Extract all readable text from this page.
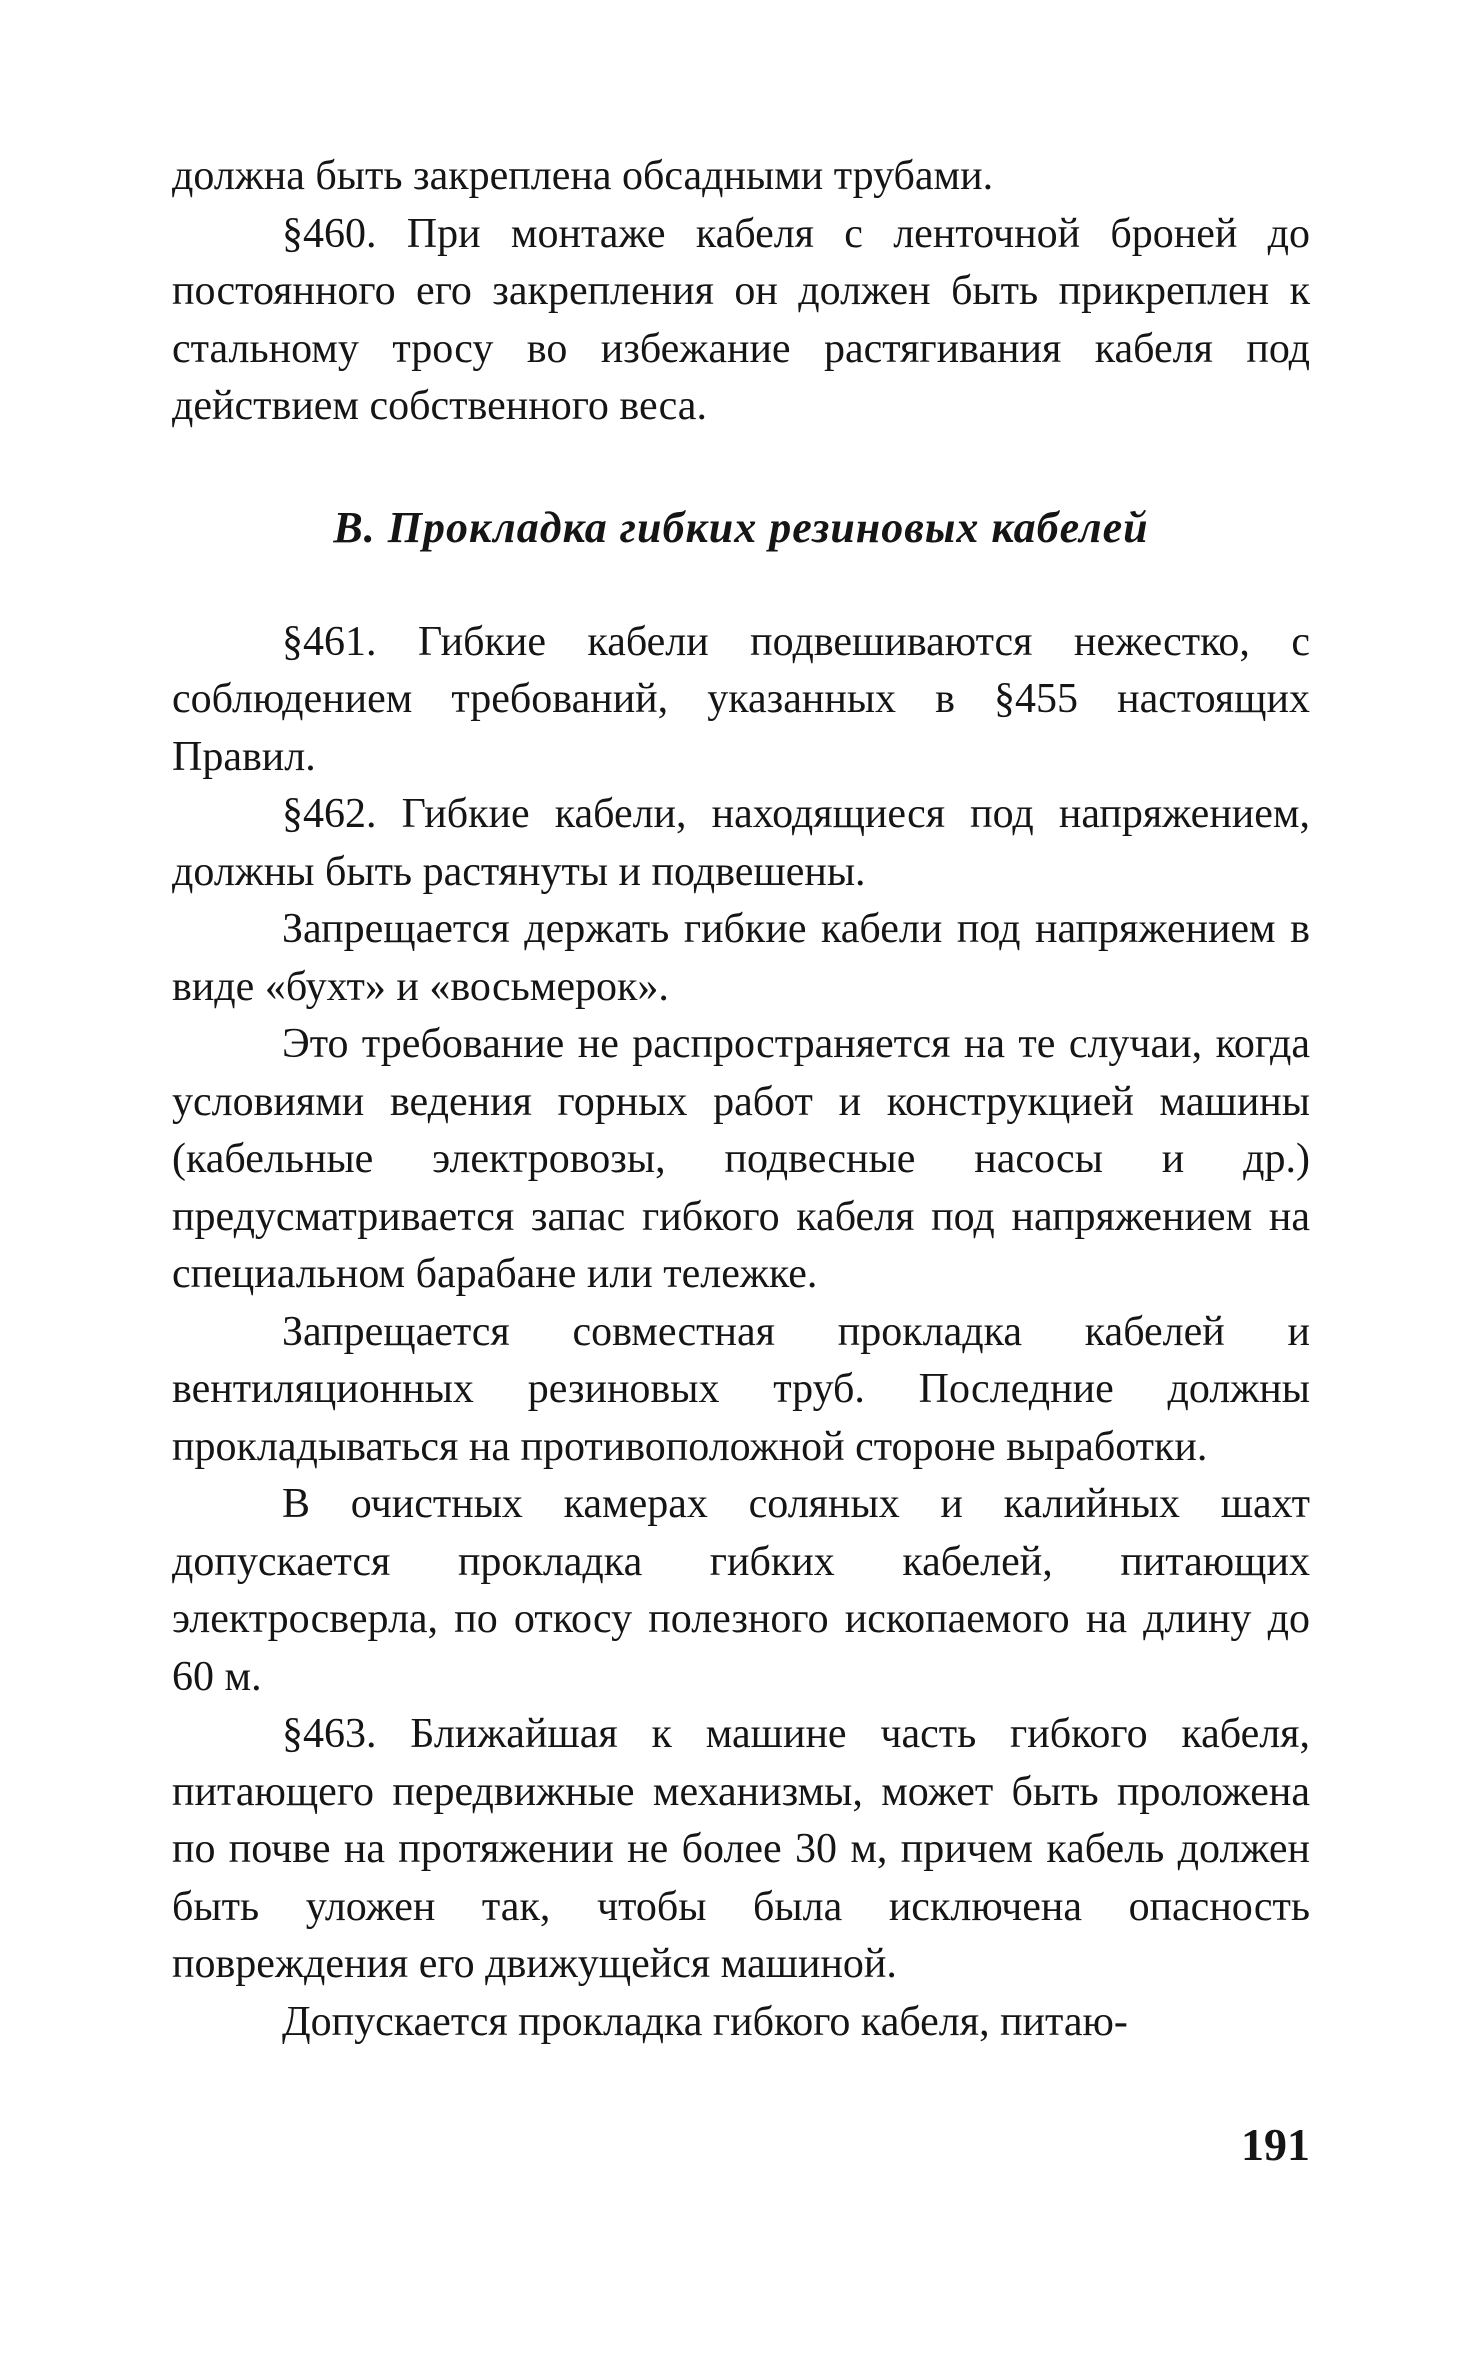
должна быть закреплена обсадными трубами.

§460. При монтаже кабеля с ленточной броней до постоянного его закрепления он должен быть прикреплен к стальному тросу во избежание растягивания кабеля под действием собственного веса.

В. Прокладка гибких резиновых кабелей

§461. Гибкие кабели подвешиваются нежестко, с соблюдением требований, указанных в §455 настоящих Правил.

§462. Гибкие кабели, находящиеся под напряжением, должны быть растянуты и подвешены.

Запрещается держать гибкие кабели под напряжением в виде «бухт» и «восьмерок».

Это требование не распространяется на те случаи, когда условиями ведения горных работ и конструкцией машины (кабельные электровозы, подвесные насосы и др.) предусматривается запас гибкого кабеля под напряжением на специальном барабане или тележке.

Запрещается совместная прокладка кабелей и вентиляционных резиновых труб. Последние должны прокладываться на противоположной стороне выработки.

В очистных камерах соляных и калийных шахт допускается прокладка гибких кабелей, питающих электросверла, по откосу полезного ископаемого на длину до 60 м.

§463. Ближайшая к машине часть гибкого кабеля, питающего передвижные механизмы, может быть проложена по почве на протяжении не более 30 м, причем кабель должен быть уложен так, чтобы была исключена опасность повреждения его движущейся машиной.

Допускается прокладка гибкого кабеля, питаю-

191
